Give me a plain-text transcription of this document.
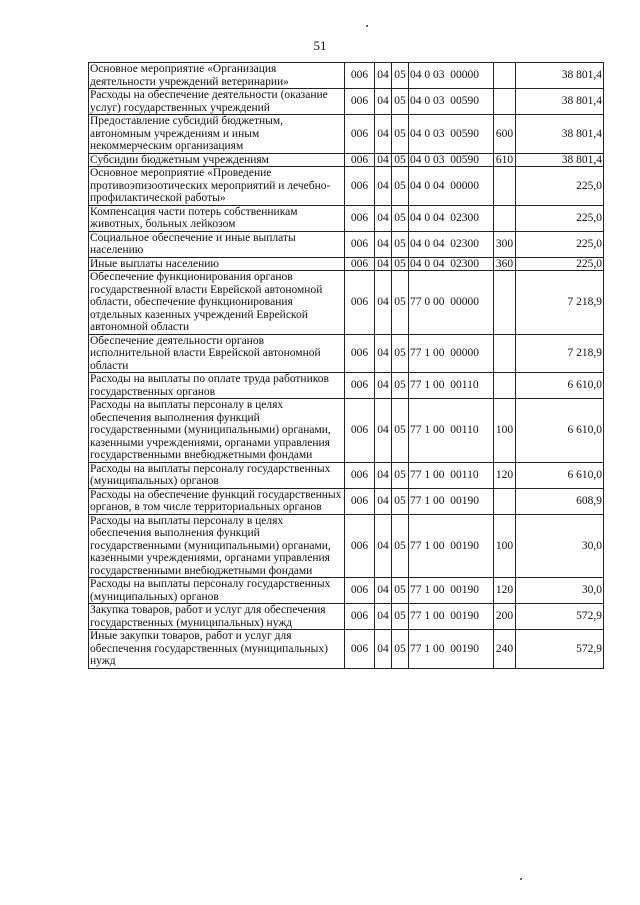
51
Основное мероприятие «Организация деятельности учреждений ветеринарии»	006	04	05	04 0 03  00000		38 801,4
Расходы на обеспечение деятельности (оказание услуг) государственных учреждений	006	04	05	04 0 03  00590		38 801,4
Предоставление субсидий бюджетным, автономным учреждениям и иным некоммерческим организациям	006	04	05	04 0 03  00590	600	38 801,4
Субсидии бюджетным учреждениям	006	04	05	04 0 03  00590	610	38 801,4
Основное мероприятие «Проведение противоэпизоотических мероприятий и лечебно-профилактической работы»	006	04	05	04 0 04  00000		225,0
Компенсация части потерь собственникам животных, больных лейкозом	006	04	05	04 0 04  02300		225,0
Социальное обеспечение и иные выплаты населению	006	04	05	04 0 04  02300	300	225,0
Иные выплаты населению	006	04	05	04 0 04  02300	360	225,0
Обеспечение функционирования органов государственной власти Еврейской автономной области, обеспечение функционирования отдельных казенных учреждений Еврейской автономной области	006	04	05	77 0 00  00000		7 218,9
Обеспечение деятельности органов исполнительной власти Еврейской автономной области	006	04	05	77 1 00  00000		7 218,9
Расходы на выплаты по оплате труда работников государственных органов	006	04	05	77 1 00  00110		6 610,0
Расходы на выплаты персоналу в целях обеспечения выполнения функций государственными (муниципальными) органами, казенными учреждениями, органами управления государственными внебюджетными фондами	006	04	05	77 1 00  00110	100	6 610,0
Расходы на выплаты персоналу государственных (муниципальных) органов	006	04	05	77 1 00  00110	120	6 610,0
Расходы на обеспечение функций государственных органов, в том числе территориальных органов	006	04	05	77 1 00  00190		608,9
Расходы на выплаты персоналу в целях обеспечения выполнения функций государственными (муниципальными) органами, казенными учреждениями, органами управления государственными внебюджетными фондами	006	04	05	77 1 00  00190	100	30,0
Расходы на выплаты персоналу государственных (муниципальных) органов	006	04	05	77 1 00  00190	120	30,0
Закупка товаров, работ и услуг для обеспечения государственных (муниципальных) нужд	006	04	05	77 1 00  00190	200	572,9
Иные закупки товаров, работ и услуг для обеспечения государственных (муниципальных) нужд	006	04	05	77 1 00  00190	240	572,9
